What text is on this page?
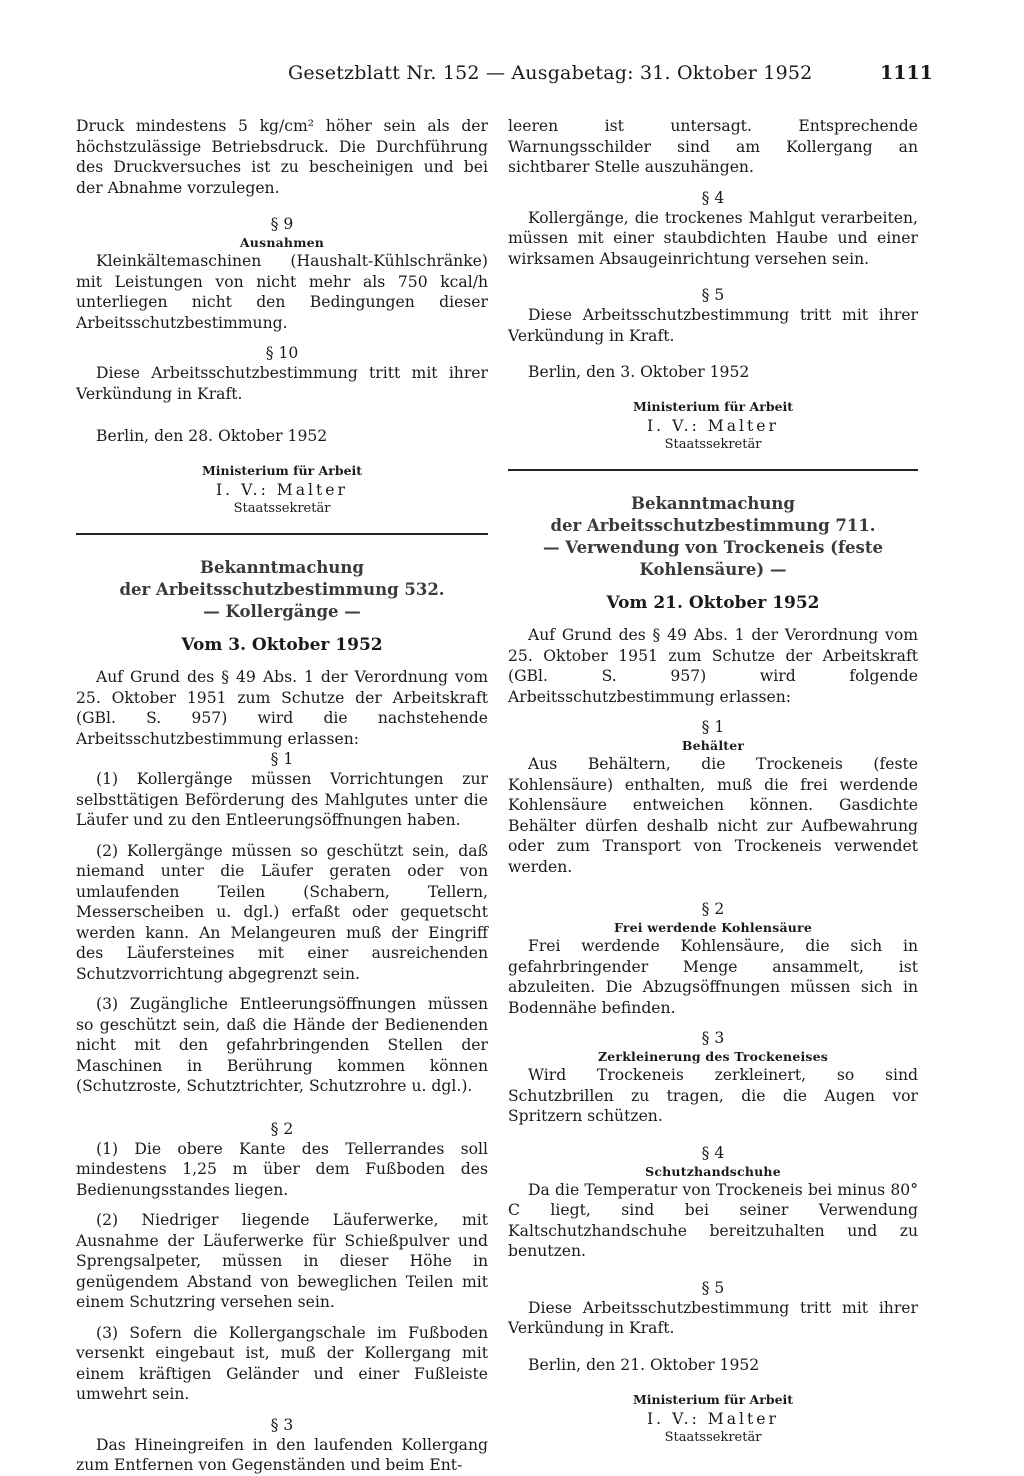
Gesetzblatt Nr. 152 — Ausgabetag: 31. Oktober 1952	1111

Druck mindestens 5 kg/cm² höher sein als der höchstzulässige Betriebsdruck. Die Durchführung des Druckversuches ist zu bescheinigen und bei der Abnahme vorzulegen.

§ 9

Ausnahmen

Kleinkältemaschinen (Haushalt-Kühlschränke) mit Leistungen von nicht mehr als 750 kcal/h unterliegen nicht den Bedingungen dieser Arbeitsschutzbestimmung.

§ 10

Diese Arbeitsschutzbestimmung tritt mit ihrer Verkündung in Kraft.

Berlin, den 28. Oktober 1952

Ministerium für Arbeit
I. V.: Malter
Staatssekretär

Bekanntmachung

der Arbeitsschutzbestimmung 532.

— Kollergänge —

Vom 3. Oktober 1952

Auf Grund des § 49 Abs. 1 der Verordnung vom 25. Oktober 1951 zum Schutze der Arbeitskraft (GBl. S. 957) wird die nachstehende Arbeitsschutzbestimmung erlassen:

§ 1

(1) Kollergänge müssen Vorrichtungen zur selbsttätigen Beförderung des Mahlgutes unter die Läufer und zu den Entleerungsöffnungen haben.

(2) Kollergänge müssen so geschützt sein, daß niemand unter die Läufer geraten oder von umlaufenden Teilen (Schabern, Tellern, Messerscheiben u. dgl.) erfaßt oder gequetscht werden kann. An Melangeuren muß der Eingriff des Läufersteines mit einer ausreichenden Schutzvorrichtung abgegrenzt sein.

(3) Zugängliche Entleerungsöffnungen müssen so geschützt sein, daß die Hände der Bedienenden nicht mit den gefahrbringenden Stellen der Maschinen in Berührung kommen können (Schutzroste, Schutztrichter, Schutzrohre u. dgl.).

§ 2

(1) Die obere Kante des Tellerrandes soll mindestens 1,25 m über dem Fußboden des Bedienungsstandes liegen.

(2) Niedriger liegende Läuferwerke, mit Ausnahme der Läuferwerke für Schießpulver und Sprengsalpeter, müssen in dieser Höhe in genügendem Abstand von beweglichen Teilen mit einem Schutzring versehen sein.

(3) Sofern die Kollergangschale im Fußboden versenkt eingebaut ist, muß der Kollergang mit einem kräftigen Geländer und einer Fußleiste umwehrt sein.

§ 3

Das Hineingreifen in den laufenden Kollergang zum Entfernen von Gegenständen und beim Ent-

leeren ist untersagt. Entsprechende Warnungsschilder sind am Kollergang an sichtbarer Stelle auszuhängen.

§ 4

Kollergänge, die trockenes Mahlgut verarbeiten, müssen mit einer staubdichten Haube und einer wirksamen Absaugeinrichtung versehen sein.

§ 5

Diese Arbeitsschutzbestimmung tritt mit ihrer Verkündung in Kraft.

Berlin, den 3. Oktober 1952

Ministerium für Arbeit
I. V.: Malter
Staatssekretär

Bekanntmachung

der Arbeitsschutzbestimmung 711.

— Verwendung von Trockeneis (feste

Kohlensäure) —

Vom 21. Oktober 1952

Auf Grund des § 49 Abs. 1 der Verordnung vom 25. Oktober 1951 zum Schutze der Arbeitskraft (GBl. S. 957) wird folgende Arbeitsschutzbestimmung erlassen:

§ 1

Behälter

Aus Behältern, die Trockeneis (feste Kohlensäure) enthalten, muß die frei werdende Kohlensäure entweichen können. Gasdichte Behälter dürfen deshalb nicht zur Aufbewahrung oder zum Transport von Trockeneis verwendet werden.

§ 2

Frei werdende Kohlensäure

Frei werdende Kohlensäure, die sich in gefahrbringender Menge ansammelt, ist abzuleiten. Die Abzugsöffnungen müssen sich in Bodennähe befinden.

§ 3

Zerkleinerung des Trockeneises

Wird Trockeneis zerkleinert, so sind Schutzbrillen zu tragen, die die Augen vor Spritzern schützen.

§ 4

Schutzhandschuhe

Da die Temperatur von Trockeneis bei minus 80° C liegt, sind bei seiner Verwendung Kaltschutzhandschuhe bereitzuhalten und zu benutzen.

§ 5

Diese Arbeitsschutzbestimmung tritt mit ihrer Verkündung in Kraft.

Berlin, den 21. Oktober 1952

Ministerium für Arbeit
I. V.: Malter
Staatssekretär
